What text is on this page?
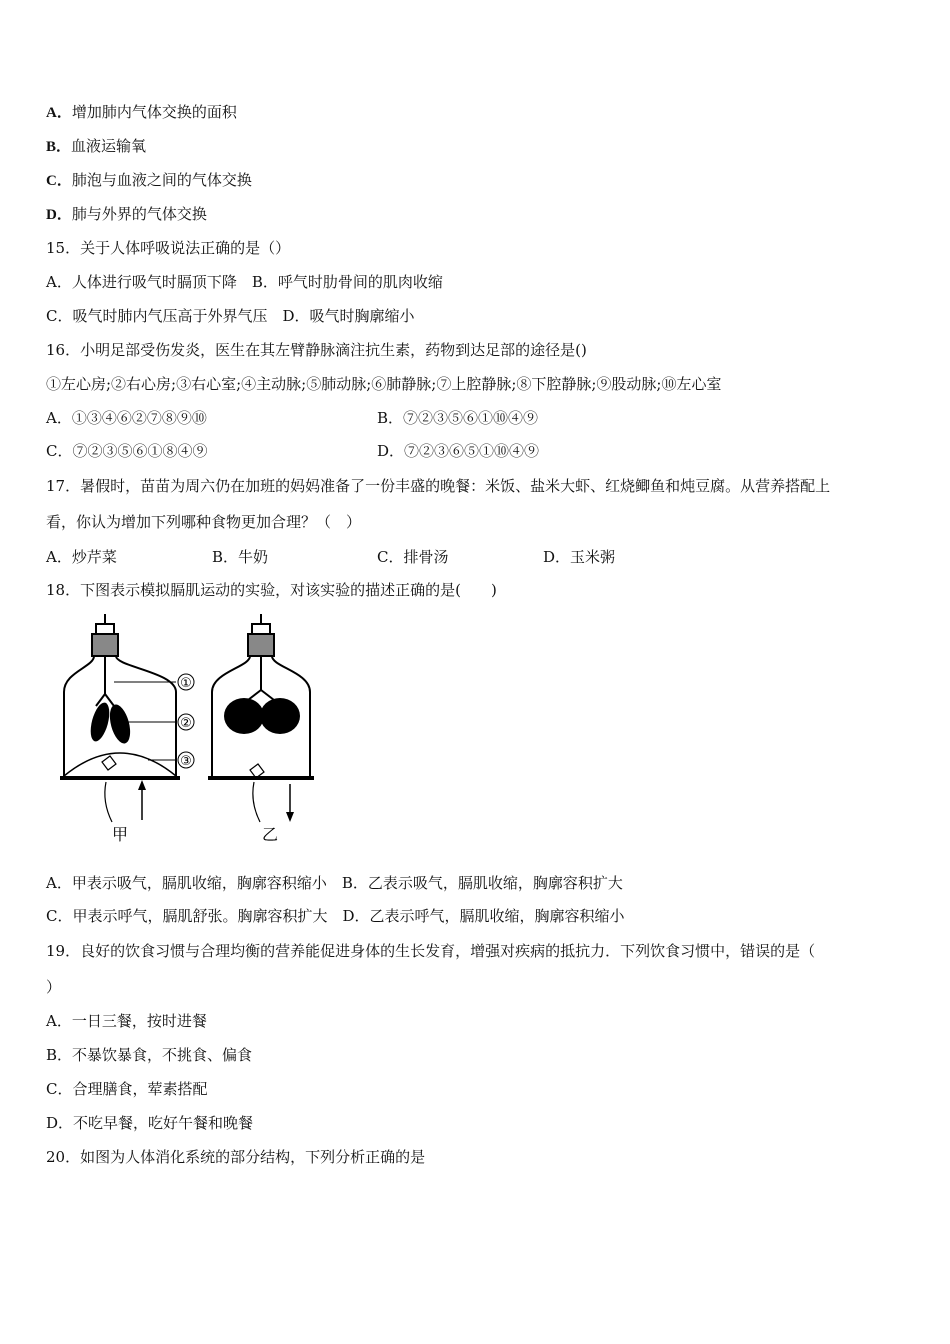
A．增加肺内气体交换的面积
B．血液运输氧
C．肺泡与血液之间的气体交换
D．肺与外界的气体交换
15．关于人体呼吸说法正确的是（）
A．人体进行吸气时膈顶下降　B．呼气时肋骨间的肌肉收缩
C．吸气时肺内气压高于外界气压　D．吸气时胸廓缩小
16．小明足部受伤发炎，医生在其左臂静脉滴注抗生素，药物到达足部的途径是()
①左心房;②右心房;③右心室;④主动脉;⑤肺动脉;⑥肺静脉;⑦上腔静脉;⑧下腔静脉;⑨股动脉;⑩左心室
A．①③④⑥②⑦⑧⑨⑩	B．⑦②③⑤⑥①⑩④⑨
C．⑦②③⑤⑥①⑧④⑨	D．⑦②③⑥⑤①⑩④⑨
17．暑假时，苗苗为周六仍在加班的妈妈准备了一份丰盛的晚餐：米饭、盐米大虾、红烧鲫鱼和炖豆腐。从营养搭配上
看，你认为增加下列哪种食物更加合理？（　）
A．炒芹菜	B．牛奶	C．排骨汤	D．玉米粥
18．下图表示模拟膈肌运动的实验，对该实验的描述正确的是(　　)
①
②
③
甲	乙
A．甲表示吸气，膈肌收缩，胸廓容积缩小　B．乙表示吸气，膈肌收缩，胸廓容积扩大
C．甲表示呼气，膈肌舒张。胸廓容积扩大　D．乙表示呼气，膈肌收缩，胸廓容积缩小
19．良好的饮食习惯与合理均衡的营养能促进身体的生长发育，增强对疾病的抵抗力．下列饮食习惯中，错误的是（
）
A．一日三餐，按时进餐
B．不暴饮暴食，不挑食、偏食
C．合理膳食，荤素搭配
D．不吃早餐，吃好午餐和晚餐
20．如图为人体消化系统的部分结构，下列分析正确的是
